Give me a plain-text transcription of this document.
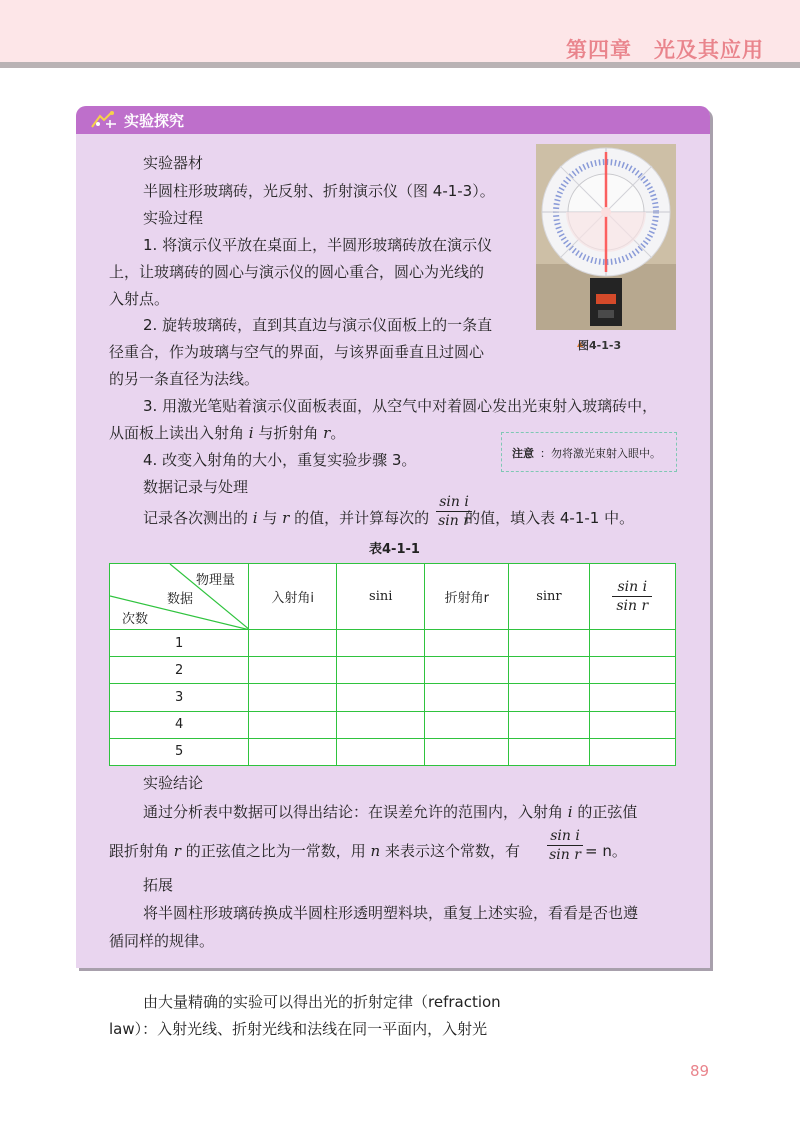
第四章　光及其应用
实验探究
实验器材
半圆柱形玻璃砖，光反射、折射演示仪（图 4-1-3）。
实验过程
1. 将演示仪平放在桌面上，半圆形玻璃砖放在演示仪
上，让玻璃砖的圆心与演示仪的圆心重合，圆心为光线的
入射点。
2. 旋转玻璃砖，直到其直边与演示仪面板上的一条直
径重合，作为玻璃与空气的界面，与该界面垂直且过圆心
的另一条直径为法线。
3. 用激光笔贴着演示仪面板表面，从空气中对着圆心发出光束射入玻璃砖中，
从面板上读出入射角 i 与折射角 r。
4. 改变入射角的大小，重复实验步骤 3。
数据记录与处理
记录各次测出的 i 与 r 的值，并计算每次的 的值，填入表 4-1-1 中。
$\frac{\text{sin i}}{\text{sin r}}$
图4-1-3
注意 ：勿将激光束射入眼中。
表4-1-1
物理量
数据
次数	入射角i	sini	折射角r	sinr	$\frac{\text{sin i}}{\text{sin r}}$

1					
2					
3					
4					
5					
实验结论
通过分析表中数据可以得出结论：在误差允许的范围内，入射角 i 的正弦值
跟折射角 r 的正弦值之比为一常数，用 n 来表示这个常数，有 $\frac{\text{sin i}}{\text{sin r}} = n$。
拓展
将半圆柱形玻璃砖换成半圆柱形透明塑料块，重复上述实验，看看是否也遵
循同样的规律。
由大量精确的实验可以得出光的折射定律（refraction
law）：入射光线、折射光线和法线在同一平面内，入射光
89
